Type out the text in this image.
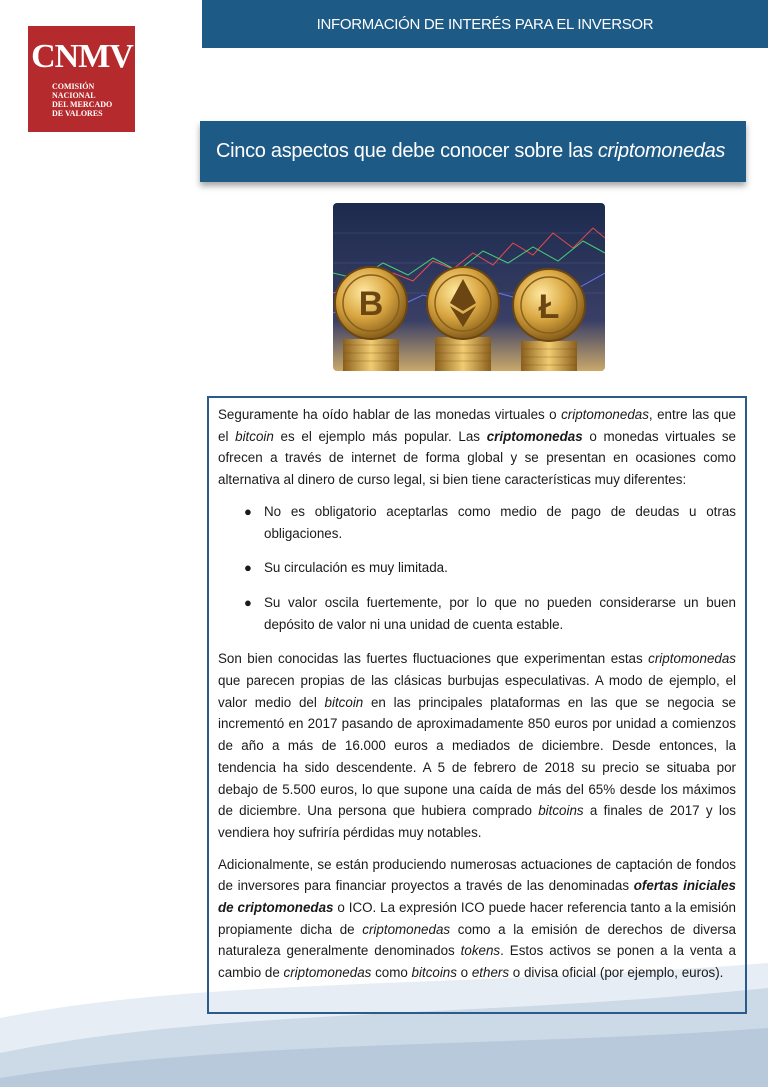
INFORMACIÓN DE INTERÉS PARA EL INVERSOR
CNMV
COMISIÓN
NACIONAL
DEL MERCADO
DE VALORES
Cinco aspectos que debe conocer sobre las criptomonedas
B	Ł

Seguramente ha oído hablar de las monedas virtuales o criptomonedas, entre las que el bitcoin es el ejemplo más popular. Las criptomonedas o monedas virtuales se ofrecen a través de internet de forma global y se presentan en ocasiones como alternativa al dinero de curso legal, si bien tiene características muy diferentes:

● No es obligatorio aceptarlas como medio de pago de deudas u otras obligaciones.
● Su circulación es muy limitada.
● Su valor oscila fuertemente, por lo que no pueden considerarse un buen depósito de valor ni una unidad de cuenta estable.

Son bien conocidas las fuertes fluctuaciones que experimentan estas criptomonedas que parecen propias de las clásicas burbujas especulativas. A modo de ejemplo, el valor medio del bitcoin en las principales plataformas en las que se negocia se incrementó en 2017 pasando de aproximadamente 850 euros por unidad a comienzos de año a más de 16.000 euros a mediados de diciembre. Desde entonces, la tendencia ha sido descendente. A 5 de febrero de 2018 su precio se situaba por debajo de 5.500 euros, lo que supone una caída de más del 65% desde los máximos de diciembre. Una persona que hubiera comprado bitcoins a finales de 2017 y los vendiera hoy sufriría pérdidas muy notables.

Adicionalmente, se están produciendo numerosas actuaciones de captación de fondos de inversores para financiar proyectos a través de las denominadas ofertas iniciales de criptomonedas o ICO. La expresión ICO puede hacer referencia tanto a la emisión propiamente dicha de criptomonedas como a la emisión de derechos de diversa naturaleza generalmente denominados tokens. Estos activos se ponen a la venta a cambio de criptomonedas como bitcoins o ethers o divisa oficial (por ejemplo, euros).
